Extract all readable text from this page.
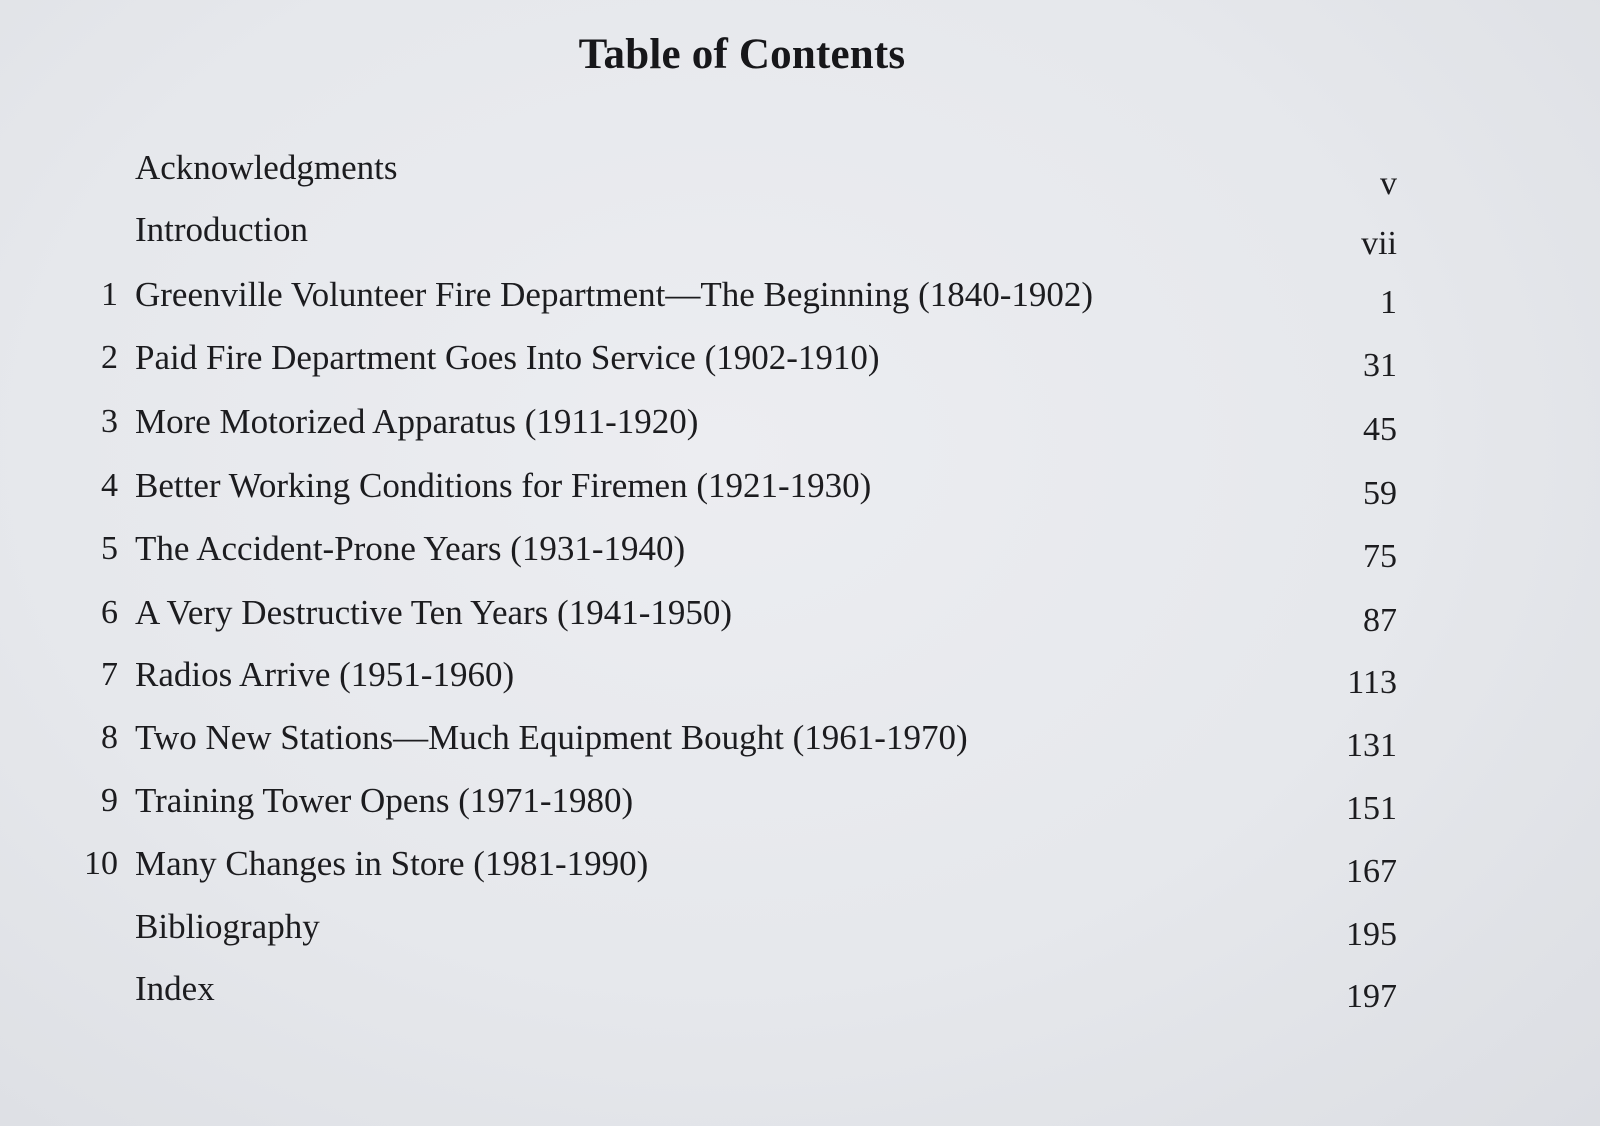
Table of Contents
Acknowledgments	v
Introduction	vii
1 Greenville Volunteer Fire Department—The Beginning (1840-1902)	1
2 Paid Fire Department Goes Into Service (1902-1910)	31
3 More Motorized Apparatus (1911-1920)	45
4 Better Working Conditions for Firemen (1921-1930)	59
5 The Accident-Prone Years (1931-1940)	75
6 A Very Destructive Ten Years (1941-1950)	87
7 Radios Arrive (1951-1960)	113
8 Two New Stations—Much Equipment Bought (1961-1970)	131
9 Training Tower Opens (1971-1980)	151
10 Many Changes in Store (1981-1990)	167
Bibliography	195
Index	197
